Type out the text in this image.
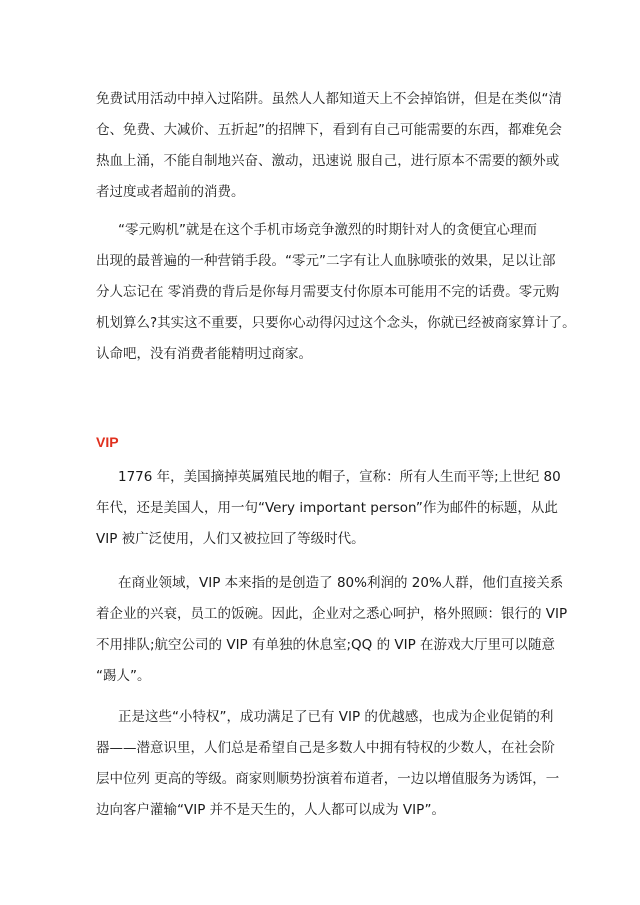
免费试用活动中掉入过陷阱。虽然人人都知道天上不会掉馅饼，但是在类似“清
仓、免费、大减价、五折起”的招牌下，看到有自己可能需要的东西，都难免会
热血上涌，不能自制地兴奋、激动，迅速说 服自己，进行原本不需要的额外或
者过度或者超前的消费。

“零元购机”就是在这个手机市场竞争激烈的时期针对人的贪便宜心理而
出现的最普遍的一种营销手段。“零元”二字有让人血脉喷张的效果，足以让部
分人忘记在 零消费的背后是你每月需要支付你原本可能用不完的话费。零元购
机划算么?其实这不重要，只要你心动得闪过这个念头，你就已经被商家算计了。
认命吧，没有消费者能精明过商家。

VIP

1776 年，美国摘掉英属殖民地的帽子，宣称：所有人生而平等;上世纪 80
年代，还是美国人，用一句“Very important person”作为邮件的标题，从此
VIP 被广泛使用，人们又被拉回了等级时代。

在商业领域，VIP 本来指的是创造了 80%利润的 20%人群，他们直接关系
着企业的兴衰，员工的饭碗。因此，企业对之悉心呵护，格外照顾：银行的 VIP
不用排队;航空公司的 VIP 有单独的休息室;QQ 的 VIP 在游戏大厅里可以随意
“踢人”。

正是这些“小特权”，成功满足了已有 VIP 的优越感，也成为企业促销的利
器——潜意识里，人们总是希望自己是多数人中拥有特权的少数人，在社会阶
层中位列 更高的等级。商家则顺势扮演着布道者，一边以增值服务为诱饵，一
边向客户灌输“VIP 并不是天生的，人人都可以成为 VIP”。
